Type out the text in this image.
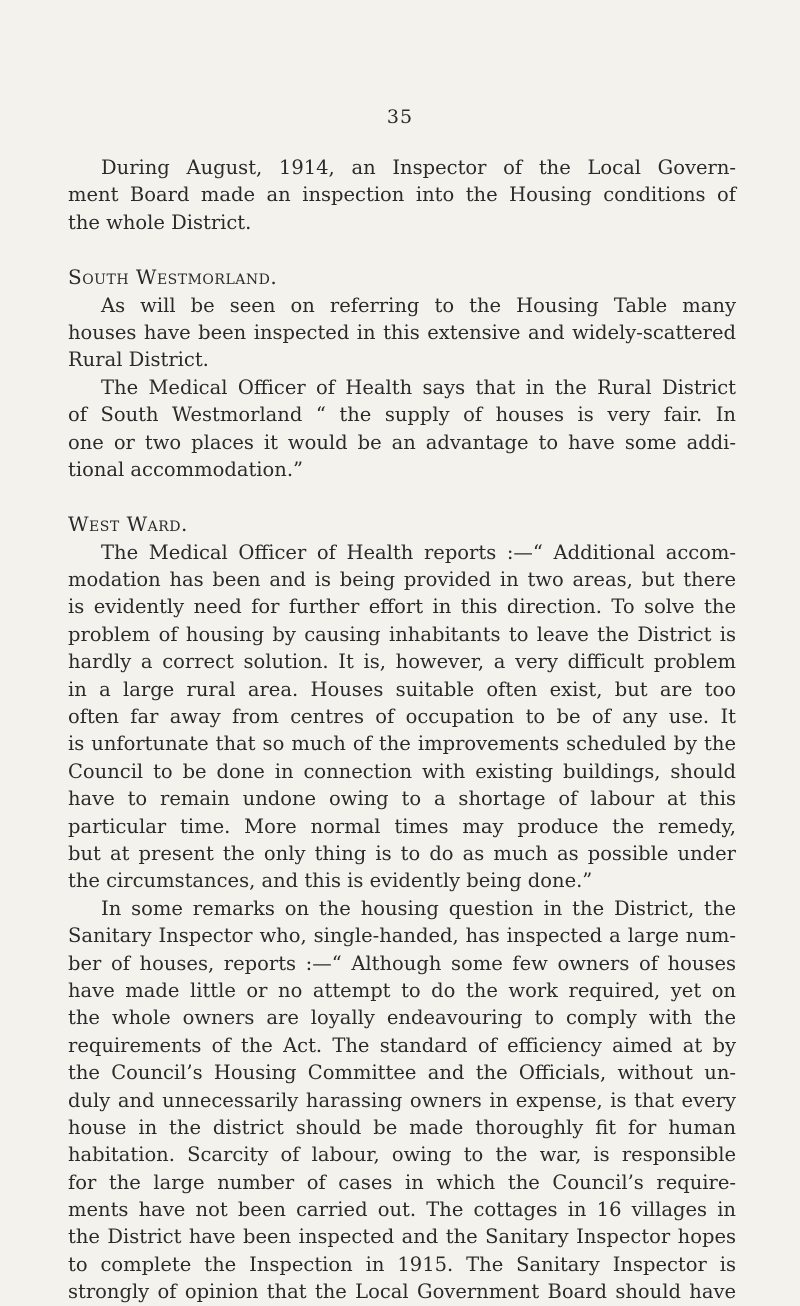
35
During August, 1914, an Inspector of the Local Govern-
ment Board made an inspection into the Housing conditions of
the whole District.
South Westmorland.
As will be seen on referring to the Housing Table many
houses have been inspected in this extensive and widely-scattered
Rural District.
The Medical Officer of Health says that in the Rural District
of South Westmorland “ the supply of houses is very fair. In
one or two places it would be an advantage to have some addi-
tional accommodation.”
West Ward.
The Medical Officer of Health reports :—“ Additional accom-
modation has been and is being provided in two areas, but there
is evidently need for further effort in this direction. To solve the
problem of housing by causing inhabitants to leave the District is
hardly a correct solution. It is, however, a very difficult problem
in a large rural area. Houses suitable often exist, but are too
often far away from centres of occupation to be of any use. It
is unfortunate that so much of the improvements scheduled by the
Council to be done in connection with existing buildings, should
have to remain undone owing to a shortage of labour at this
particular time. More normal times may produce the remedy,
but at present the only thing is to do as much as possible under
the circumstances, and this is evidently being done.”
In some remarks on the housing question in the District, the
Sanitary Inspector who, single-handed, has inspected a large num-
ber of houses, reports :—“ Although some few owners of houses
have made little or no attempt to do the work required, yet on
the whole owners are loyally endeavouring to comply with the
requirements of the Act. The standard of efficiency aimed at by
the Council’s Housing Committee and the Officials, without un-
duly and unnecessarily harassing owners in expense, is that every
house in the district should be made thoroughly fit for human
habitation. Scarcity of labour, owing to the war, is responsible
for the large number of cases in which the Council’s require-
ments have not been carried out. The cottages in 16 villages in
the District have been inspected and the Sanitary Inspector hopes
to complete the Inspection in 1915. The Sanitary Inspector is
strongly of opinion that the Local Government Board should have
